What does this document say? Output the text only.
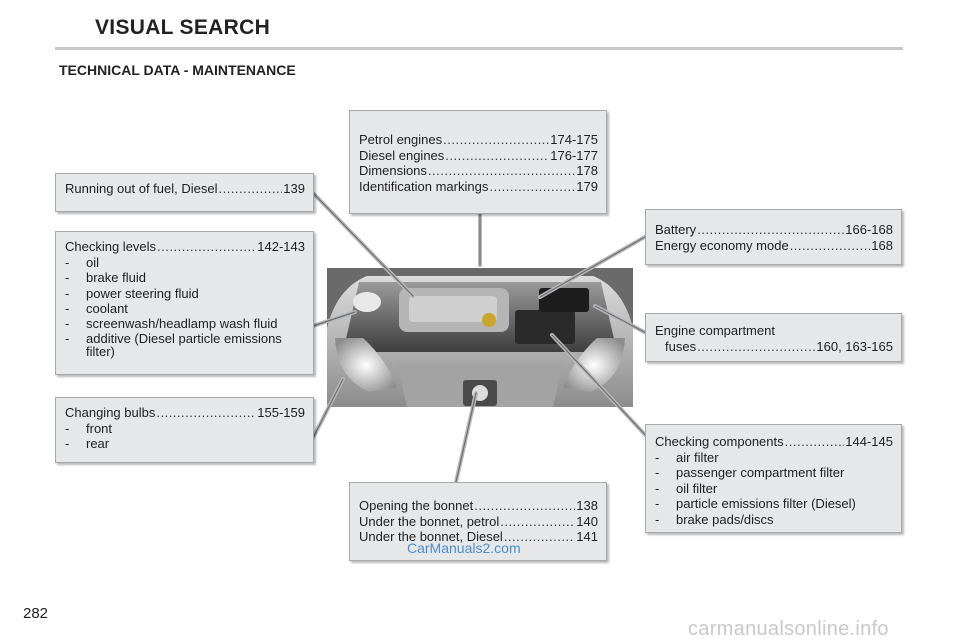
VISUAL SEARCH
TECHNICAL DATA - MAINTENANCE
Running out of fuel, Diesel .....	139
Checking levels .....	142-143
-	oil
-	brake fluid
-	power steering fluid
-	coolant
-	screenwash/headlamp wash fluid
-	additive (Diesel particle emissions filter)
Changing bulbs .....	155-159
-	front
-	rear
Petrol engines .....	174-175
Diesel engines .....	176-177
Dimensions .....	178
Identification markings .....	179
Battery .....	166-168
Energy economy mode .....	168
Engine compartment
fuses .....	160, 163-165
Checking components .....	144-145
-	air filter
-	passenger compartment filter
-	oil filter
-	particle emissions filter (Diesel)
-	brake pads/discs
Opening the bonnet .....	138
Under the bonnet, petrol .....	140
Under the bonnet, Diesel .....	141
CarManuals2.com
282
carmanualsonline.info
